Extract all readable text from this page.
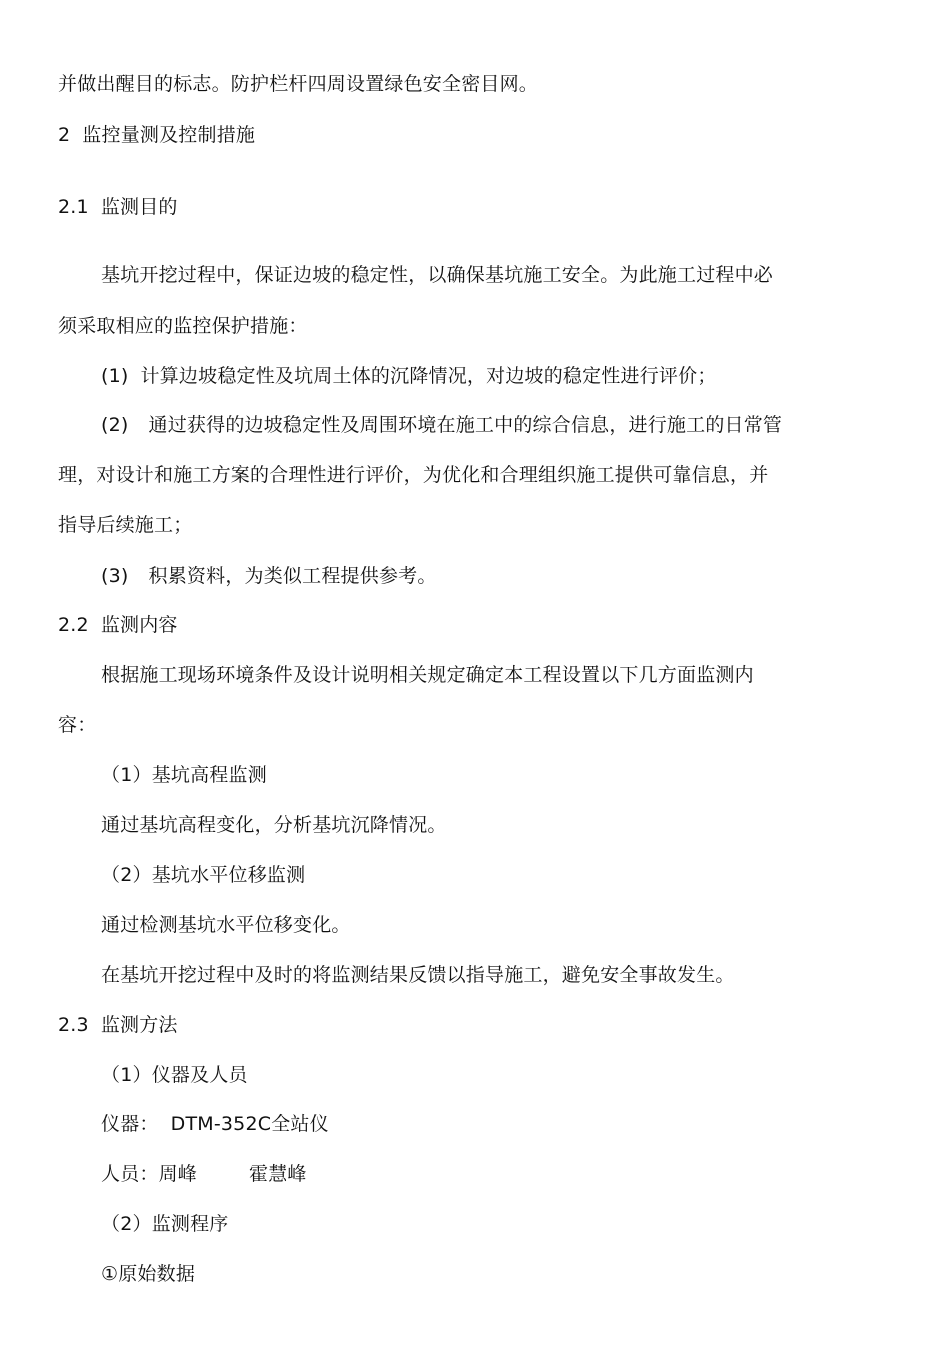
并做出醒目的标志。防护栏杆四周设置绿色安全密目网。
2 监控量测及控制措施
2.1 监测目的
基坑开挖过程中，保证边坡的稳定性，以确保基坑施工安全。为此施工过程中必
须采取相应的监控保护措施：
(1) 计算边坡稳定性及坑周土体的沉降情况，对边坡的稳定性进行评价；
(2) 通过获得的边坡稳定性及周围环境在施工中的综合信息，进行施工的日常管
理，对设计和施工方案的合理性进行评价，为优化和合理组织施工提供可靠信息，并
指导后续施工；
(3) 积累资料，为类似工程提供参考。
2.2 监测内容
根据施工现场环境条件及设计说明相关规定确定本工程设置以下几方面监测内
容：
（1）基坑高程监测
通过基坑高程变化，分析基坑沉降情况。
（2）基坑水平位移监测
通过检测基坑水平位移变化。
在基坑开挖过程中及时的将监测结果反馈以指导施工，避免安全事故发生。
2.3 监测方法
（1）仪器及人员
仪器： DTM-352C全站仪
人员：周峰	霍慧峰
（2）监测程序
①原始数据
